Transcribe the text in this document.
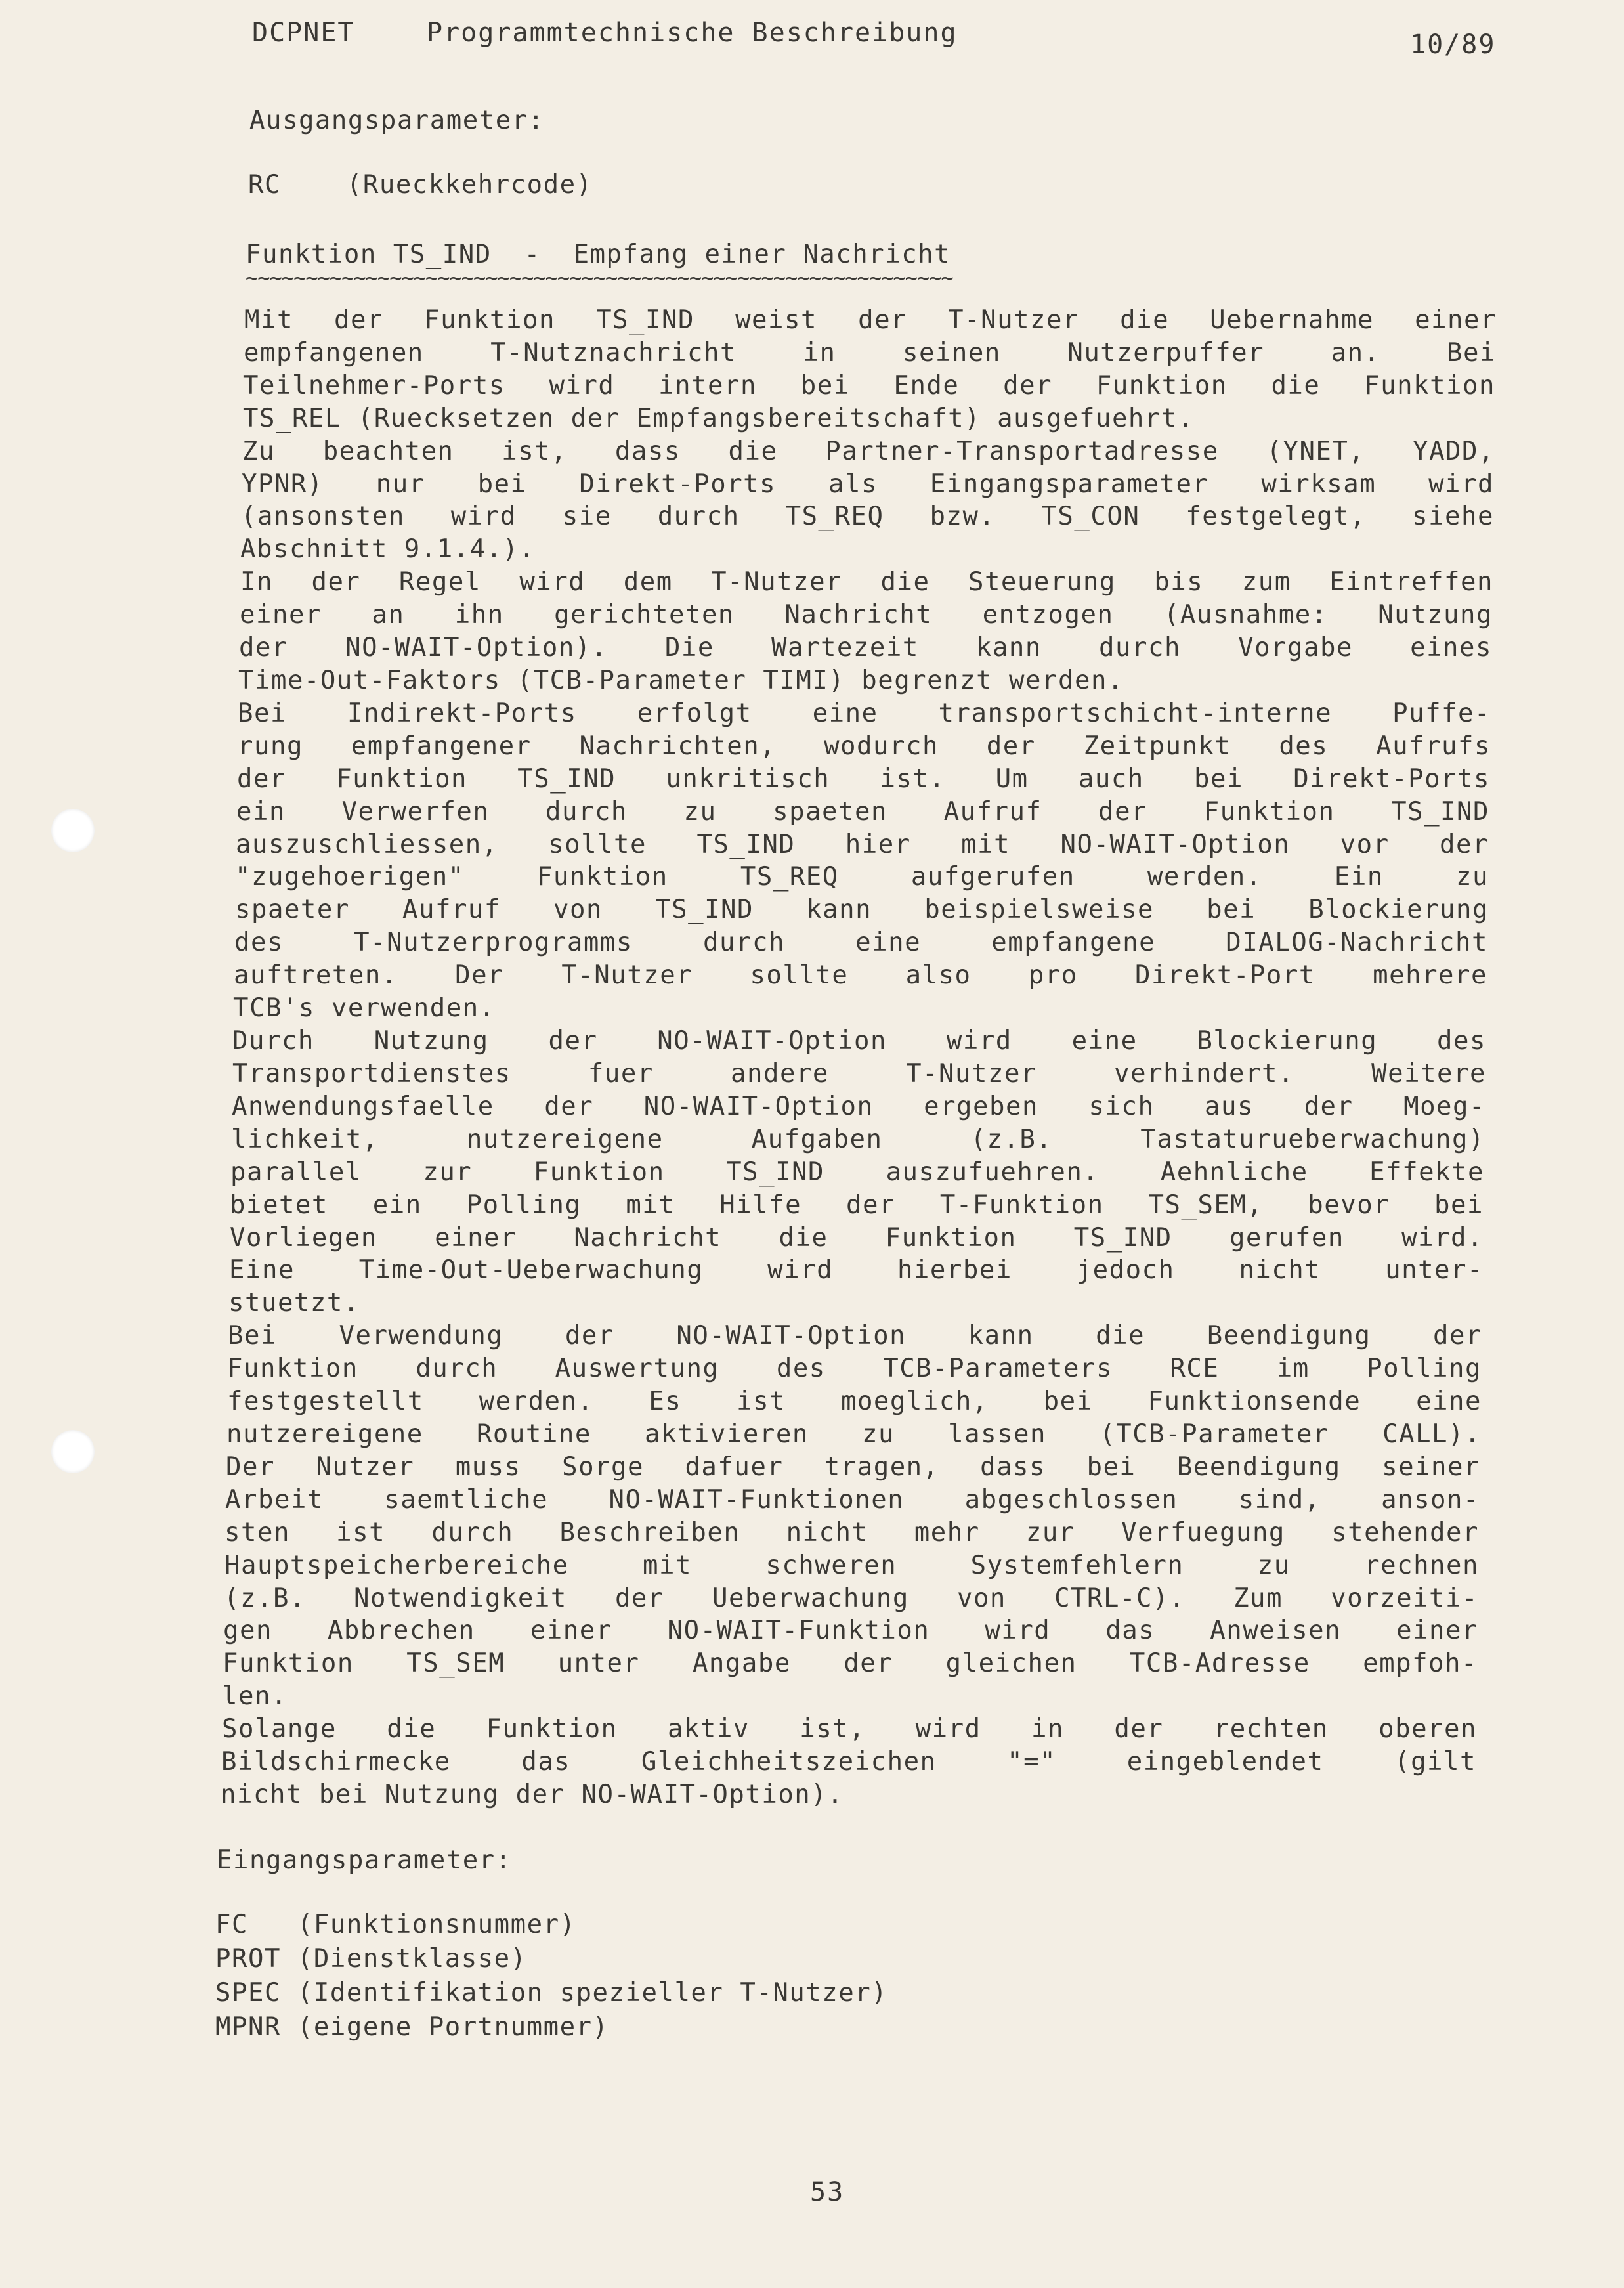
DCPNET	Programmtechnische Beschreibung	10/89
Ausgangsparameter:
RC    (Rueckkehrcode)
Funktion TS_IND  -  Empfang einer Nachricht
~~~~~~~~~~~~~~~~~~~~~~~~~~~~~~~~~~~~~~~~~~~~~~~~~~~~~~~~~~~
Mit der Funktion TS_IND weist der T-Nutzer die Uebernahme einer
empfangenen T-Nutznachricht in seinen Nutzerpuffer an. Bei
Teilnehmer-Ports wird intern bei Ende der Funktion die Funktion
TS_REL (Ruecksetzen der Empfangsbereitschaft) ausgefuehrt.
Zu beachten ist, dass die Partner-Transportadresse (YNET, YADD,
YPNR) nur bei Direkt-Ports als Eingangsparameter wirksam wird
(ansonsten wird sie durch TS_REQ bzw. TS_CON festgelegt, siehe
Abschnitt 9.1.4.).
In der Regel wird dem T-Nutzer die Steuerung bis zum Eintreffen
einer an ihn gerichteten Nachricht entzogen (Ausnahme: Nutzung
der NO-WAIT-Option). Die Wartezeit kann durch Vorgabe eines
Time-Out-Faktors (TCB-Parameter TIMI) begrenzt werden.
Bei Indirekt-Ports erfolgt eine transportschicht-interne Puffe-
rung empfangener Nachrichten, wodurch der Zeitpunkt des Aufrufs
der Funktion TS_IND unkritisch ist. Um auch bei Direkt-Ports
ein Verwerfen durch zu spaeten Aufruf der Funktion TS_IND
auszuschliessen, sollte TS_IND hier mit NO-WAIT-Option vor der
"zugehoerigen" Funktion TS_REQ aufgerufen werden. Ein zu
spaeter Aufruf von TS_IND kann beispielsweise bei Blockierung
des T-Nutzerprogramms durch eine empfangene DIALOG-Nachricht
auftreten. Der T-Nutzer sollte also pro Direkt-Port mehrere
TCB's verwenden.
Durch Nutzung der NO-WAIT-Option wird eine Blockierung des
Transportdienstes fuer andere T-Nutzer verhindert. Weitere
Anwendungsfaelle der NO-WAIT-Option ergeben sich aus der Moeg-
lichkeit, nutzereigene Aufgaben (z.B. Tastaturueberwachung)
parallel zur Funktion TS_IND auszufuehren. Aehnliche Effekte
bietet ein Polling mit Hilfe der T-Funktion TS_SEM, bevor bei
Vorliegen einer Nachricht die Funktion TS_IND gerufen wird.
Eine Time-Out-Ueberwachung wird hierbei jedoch nicht unter-
stuetzt.
Bei Verwendung der NO-WAIT-Option kann die Beendigung der
Funktion durch Auswertung des TCB-Parameters RCE im Polling
festgestellt werden. Es ist moeglich, bei Funktionsende eine
nutzereigene Routine aktivieren zu lassen (TCB-Parameter CALL).
Der Nutzer muss Sorge dafuer tragen, dass bei Beendigung seiner
Arbeit saemtliche NO-WAIT-Funktionen abgeschlossen sind, anson-
sten ist durch Beschreiben nicht mehr zur Verfuegung stehender
Hauptspeicherbereiche mit schweren Systemfehlern zu rechnen
(z.B. Notwendigkeit der Ueberwachung von CTRL-C). Zum vorzeiti-
gen Abbrechen einer NO-WAIT-Funktion wird das Anweisen einer
Funktion TS_SEM unter Angabe der gleichen TCB-Adresse empfoh-
len.
Solange die Funktion aktiv ist, wird in der rechten oberen
Bildschirmecke das Gleichheitszeichen "=" eingeblendet (gilt
nicht bei Nutzung der NO-WAIT-Option).
Eingangsparameter:
FC   (Funktionsnummer)
PROT (Dienstklasse)
SPEC (Identifikation spezieller T-Nutzer)
MPNR (eigene Portnummer)
53
